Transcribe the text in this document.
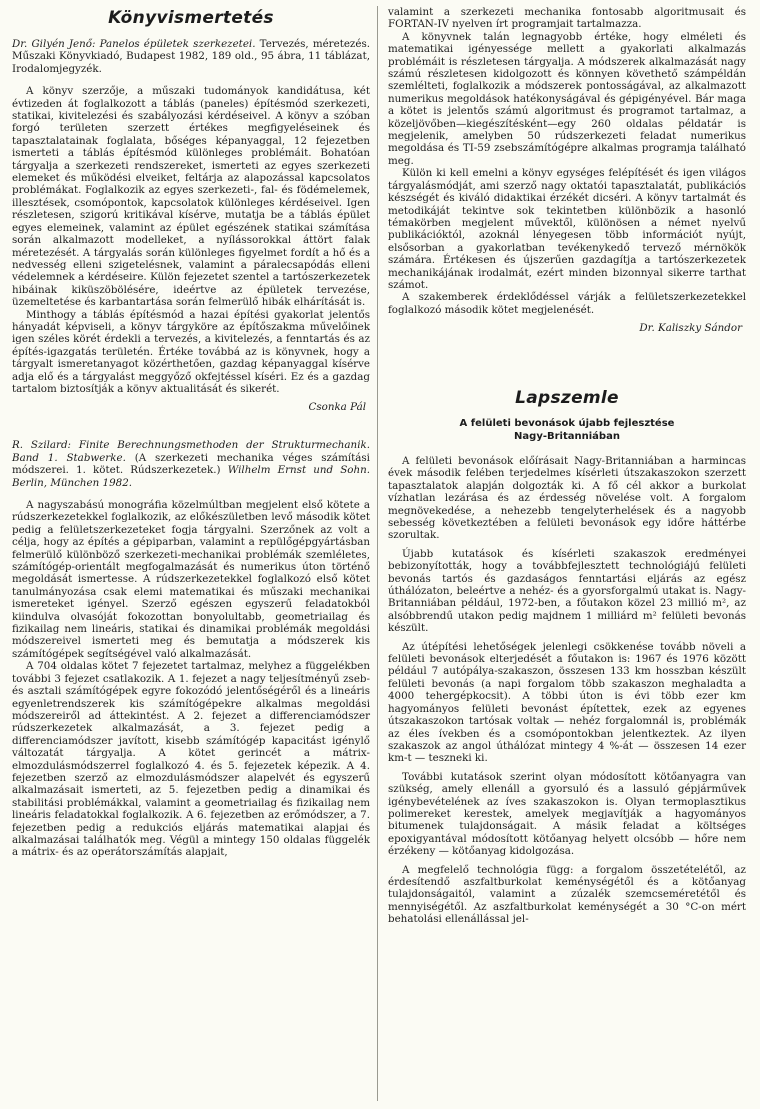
Könyvismertetés
Dr. Gilyén Jenő: Panelos épületek szerkezetei. Tervezés, méretezés. Műszaki Könyvkiadó, Budapest 1982, 189 old., 95 ábra, 11 táblázat, Irodalomjegyzék.

A könyv szerzője, a műszaki tudományok kandidátusa, két évtizeden át foglalkozott a táblás (paneles) építésmód szerkezeti, statikai, kivitelezési és szabályozási kérdéseivel. A könyv a szóban forgó területen szerzett értékes megfigyeléseinek és tapasztalatainak foglalata, bőséges képanyaggal, 12 fejezetben ismerteti a táblás építésmód különleges problémáit. Bohatóan tárgyalja a szerkezeti rendszereket, ismerteti az egyes szerkezeti elemeket és működési elveiket, feltárja az alapozással kapcsolatos problémákat. Foglalkozik az egyes szerkezeti-, fal- és födémelemek, illesztések, csomópontok, kapcsolatok különleges kérdéseivel. Igen részletesen, szigorú kritikával kísérve, mutatja be a táblás épület egyes elemeinek, valamint az épület egészének statikai számítása során alkalmazott modelleket, a nyílássorokkal áttört falak méretezését. A tárgyalás során különleges figyelmet fordít a hő és a nedvesség elleni szigetelésnek, valamint a páralecsapódás elleni védelemnek a kérdéseire. Külön fejezetet szentel a tartószerkezetek hibáinak kiküszöbölésére, ideértve az épületek tervezése, üzemeltetése és karbantartása során felmerülő hibák elhárítását is.

Minthogy a táblás építésmód a hazai építési gyakorlat jelentős hányadát képviseli, a könyv tárgyköre az építőszakma művelőinek igen széles körét érdekli a tervezés, a kivitelezés, a fenntartás és az építés-igazgatás területén. Értéke továbbá az is könyvnek, hogy a tárgyalt ismeretanyagot közérthetően, gazdag képanyaggal kísérve adja elő és a tárgyalást meggyőző okfejtéssel kíséri. Ez és a gazdag tartalom biztosítják a könyv aktualitását és sikerét.

Csonka Pál
R. Szilard: Finite Berechnungsmethoden der Strukturmechanik. Band 1. Stabwerke. (A szerkezeti mechanika véges számítási módszerei. 1. kötet. Rúdszerkezetek.) Wilhelm Ernst und Sohn. Berlin, München 1982.

A nagyszabású monográfia közelmúltban megjelent első kötete a rúdszerkezetekkel foglalkozik, az előkészületben levő második kötet pedig a felületszerkezeteket fogja tárgyalni. Szerzőnek az volt a célja, hogy az építés a gépiparban, valamint a repülőgépgyártásban felmerülő különböző szerkezeti-mechanikai problémák szemléletes, számítógép-orientált megfogalmazását és numerikus úton történő megoldását ismertesse. A rúdszerkezetekkel foglalkozó első kötet tanulmányozása csak elemi matematikai és műszaki mechanikai ismereteket igényel. Szerző egészen egyszerű feladatokból kiindulva olvasóját fokozottan bonyolultabb, geometriailag és fizikailag nem lineáris, statikai és dinamikai problémák megoldási módszereivel ismerteti meg és bemutatja a módszerek kis számítógépek segítségével való alkalmazását.

A 704 oldalas kötet 7 fejezetet tartalmaz, melyhez a függelékben további 3 fejezet csatlakozik. A 1. fejezet a nagy teljesítményű zseb- és asztali számítógépek egyre fokozódó jelentőségéről és a lineáris egyenletrendszerek kis számítógépekre alkalmas megoldási módszereiről ad áttekintést. A 2. fejezet a differenciamódszer rúdszerkezetek alkalmazását, a 3. fejezet pedig a differenciamódszer javított, kisebb számítógép kapacitást igénylő változatát tárgyalja. A kötet gerincét a mátrix-elmozdulásmódszerrel foglalkozó 4. és 5. fejezetek képezik. A 4. fejezetben szerző az elmozdulásmódszer alapelvét és egyszerű alkalmazásait ismerteti, az 5. fejezetben pedig a dinamikai és stabilitási problémákkal, valamint a geometriailag és fizikailag nem lineáris feladatokkal foglalkozik. A 6. fejezetben az erőmódszer, a 7. fejezetben pedig a redukciós eljárás matematikai alapjai és alkalmazásai találhatók meg. Végül a mintegy 150 oldalas függelék a mátrix- és az operátorszámítás alapjait,

valamint a szerkezeti mechanika fontosabb algoritmusait és FORTAN-IV nyelven írt programjait tartalmazza.

A könyvnek talán legnagyobb értéke, hogy elméleti és matematikai igényessége mellett a gyakorlati alkalmazás problémáit is részletesen tárgyalja. A módszerek alkalmazását nagy számú részletesen kidolgozott és könnyen követhető számpéldán szemlélteti, foglalkozik a módszerek pontosságával, az alkalmazott numerikus megoldások hatékonyságával és gépigényével. Bár maga a kötet is jelentős számú algoritmust és programot tartalmaz, a közeljövőben—kiegészítésként—egy 260 oldalas példatár is megjelenik, amelyben 50 rúdszerkezeti feladat numerikus megoldása és TI-59 zsebszámítógépre alkalmas programja található meg.

Külön ki kell emelni a könyv egységes felépítését és igen világos tárgyalásmódját, ami szerző nagy oktatói tapasztalatát, publikációs készségét és kiváló didaktikai érzékét dicséri. A könyv tartalmát és metodikáját tekintve sok tekintetben különbözik a hasonló témakörben megjelent művektől, különösen a német nyelvű publikációktól, azoknál lényegesen több információt nyújt, elsősorban a gyakorlatban tevékenykedő tervező mérnökök számára. Értékesen és újszerűen gazdagítja a tartószerkezetek mechanikájának irodalmát, ezért minden bizonnyal sikerre tarthat számot.

A szakemberek érdeklődéssel várják a felületszerkezetekkel foglalkozó második kötet megjelenését.

Dr. Kaliszky Sándor
Lapszemle
A felületi bevonások újabb fejlesztése
Nagy-Britanniában

A felületi bevonások előírásait Nagy-Britanniában a harmincas évek második felében terjedelmes kísérleti útszakaszokon szerzett tapasztalatok alapján dolgozták ki. A fő cél akkor a burkolat vízhatlan lezárása és az érdesség növelése volt. A forgalom megnövekedése, a nehezebb tengelyterhelések és a nagyobb sebesség következtében a felületi bevonások egy időre háttérbe szorultak.

Újabb kutatások és kísérleti szakaszok eredményei bebizonyították, hogy a továbbfejlesztett technológiájú felületi bevonás tartós és gazdaságos fenntartási eljárás az egész úthálózaton, beleértve a nehéz- és a gyorsforgalmú utakat is. Nagy-Britanniában például, 1972-ben, a főutakon közel 23 millió m², az alsóbbrendű utakon pedig majdnem 1 milliárd m² felületi bevonás készült.

Az útépítési lehetőségek jelenlegi csökkenése tovább növeli a felületi bevonások elterjedését a főutakon is: 1967 és 1976 között például 7 autópálya-szakaszon, összesen 133 km hosszban készült felületi bevonás (a napi forgalom több szakaszon meghaladta a 4000 tehergépkocsit). A többi úton is évi több ezer km hagyományos felületi bevonást építettek, ezek az egyenes útszakaszokon tartósak voltak — nehéz forgalomnál is, problémák az éles ívekben és a csomópontokban jelentkeztek. Az ilyen szakaszok az angol úthálózat mintegy 4 %-át — összesen 14 ezer km-t — teszneki ki.

További kutatások szerint olyan módosított kötőanyagra van szükség, amely ellenáll a gyorsuló és a lassuló gépjárművek igénybevételének az íves szakaszokon is. Olyan termoplasztikus polimereket kerestek, amelyek megjavítják a hagyományos bitumenek tulajdonságait. A másik feladat a költséges epoxigyantával módosított kötőanyag helyett olcsóbb — hőre nem érzékeny — kötőanyag kidolgozása.

A megfelelő technológia függ: a forgalom összetételétől, az érdesítendő aszfaltburkolat keménységétől és a kötőanyag tulajdonságaitól, valamint a zúzalék szemcseméretétől és mennyiségétől. Az aszfaltburkolat keménységét a 30 °C-on mért behatolási ellenállással jel-
